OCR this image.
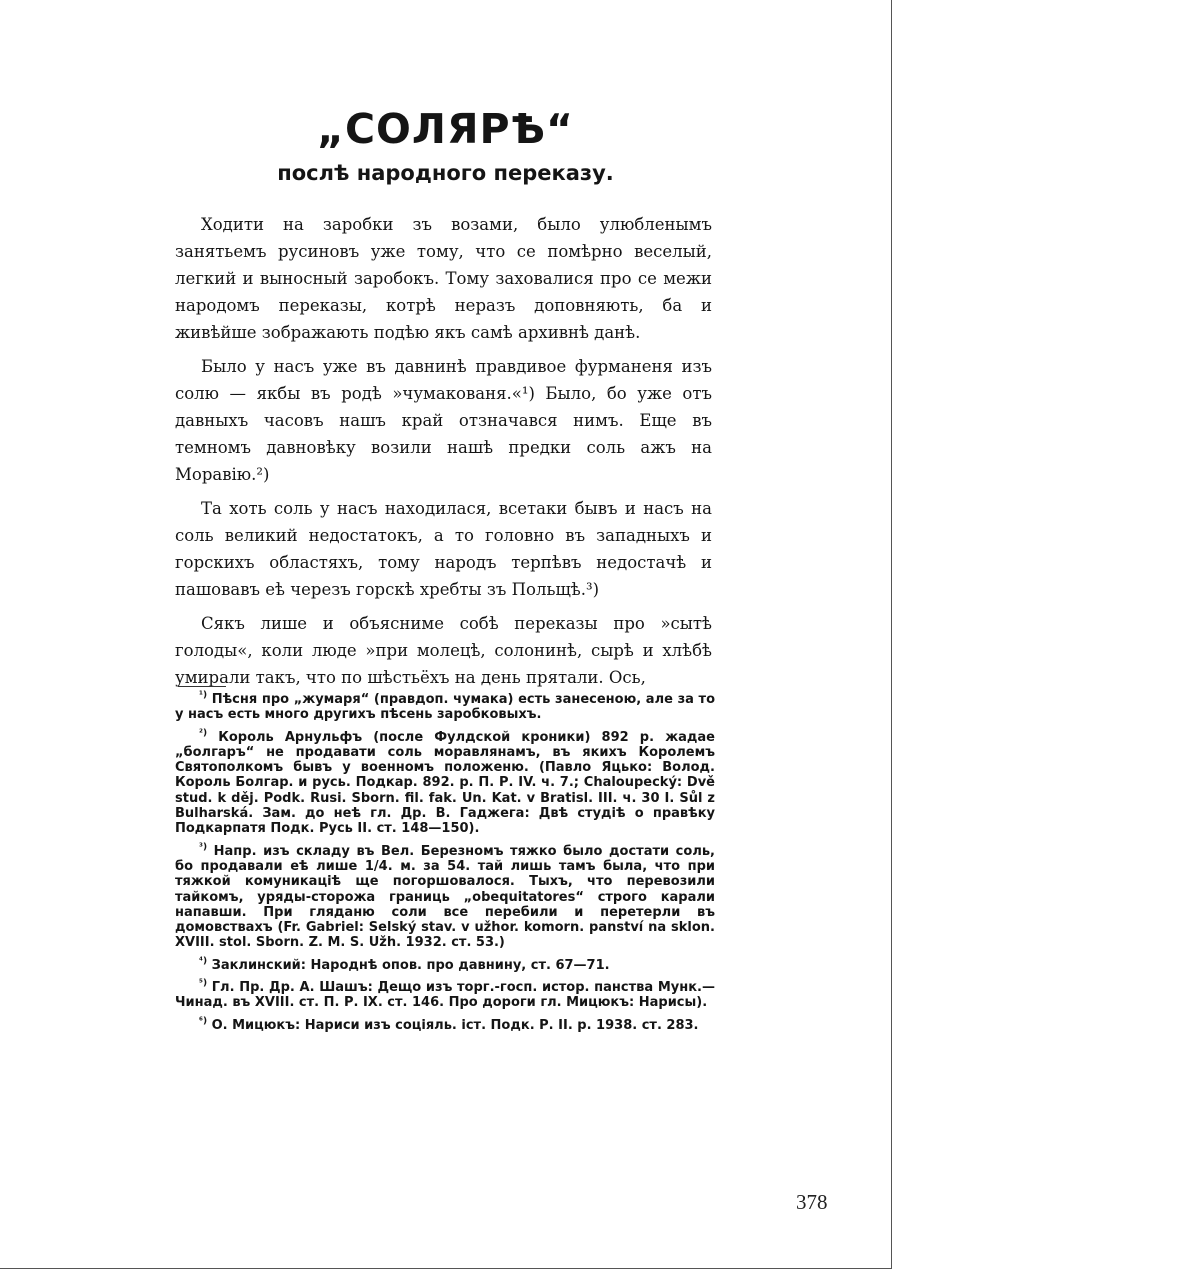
„СОЛЯРѢ“
послѣ народного переказу.

Ходити на заробки зъ возами, было улюбленымъ занятьемъ русиновъ уже тому, что се помѣрно веселый, легкий и выносный заробокъ. Тому заховалися про се межи народомъ переказы, котрѣ неразъ доповняють, ба и живѣйше зображають подѣю якъ самѣ архивнѣ данѣ.

Было у насъ уже въ давнинѣ правдивое фурманеня изъ солю — якбы въ родѣ »чумакованя.«¹) Было, бо уже отъ давныхъ часовъ нашъ край отзначався нимъ. Еще въ темномъ давновѣку возили нашѣ предки соль ажъ на Моравію.²)

Та хоть соль у насъ находилася, всетаки бывъ и насъ на соль великий недостатокъ, а то головно въ западныхъ и горскихъ областяхъ, тому народъ терпѣвъ недостачѣ и пашовавъ еѣ черезъ горскѣ хребты зъ Польщѣ.³)

Сякъ лише и объясниме собѣ переказы про »сытѣ голоды«, коли люде »при молецѣ, солонинѣ, сырѣ и хлѣбѣ умирали такъ, что по шѣстьёхъ на день прятали. Ось,

$^{^1)}$ Пѣсня про „жумаря“ (правдоп. чумака) есть занесеною, але за то у насъ есть много другихъ пѣсень заробковыхъ.

$^{^2)}$ Король Арнульфъ (после Фулдской кроники) 892 р. жадае „болгаръ“ не продавати соль моравлянамъ, въ якихъ Королемъ Святополкомъ бывъ у военномъ положеню. (Павло Яцько: Волод. Король Болгар. и русь. Подкар. 892. р. П. Р. IV. ч. 7.; Chaloupecký: Dvě stud. k děj. Podk. Rusi. Sborn. fil. fak. Un. Kat. v Bratisl. III. ч. 30 I. Sůl z Bulharská. Зам. до неѣ гл. Др. В. Гаджега: Двѣ студіѣ о правѣку Подкарпатя Подк. Русь II. ст. 148—150).

$^{^3)}$ Напр. изъ складу въ Вел. Березномъ тяжко было достати соль, бо продавали еѣ лише 1/4. м. за 54. тай лишь тамъ была, что при тяжкой комуникаціѣ ще погоршовалося. Тыхъ, что перевозили тайкомъ, уряды-сторожа границь „obequitatores“ строго карали напавши. При гляданю соли все перебили и перетерли въ домовствахъ (Fr. Gabriel: Selský stav. v užhor. komorn. panství na sklon. XVIII. stol. Sborn. Z. M. S. Užh. 1932. ст. 53.)

$^{^4)}$ Заклинский: Народнѣ опов. про давнину, ст. 67—71.

$^{^5)}$ Гл. Пр. Др. А. Шашъ: Дещо изъ торг.-госп. истор. панства Мунк.—Чинад. въ XVIII. ст. П. Р. IX. ст. 146. Про дороги гл. Мицюкъ: Нарисы).

$^{^6)}$ О. Мицюкъ: Нариси изъ соціяль. іст. Подк. Р. II. р. 1938. ст. 283.

378
